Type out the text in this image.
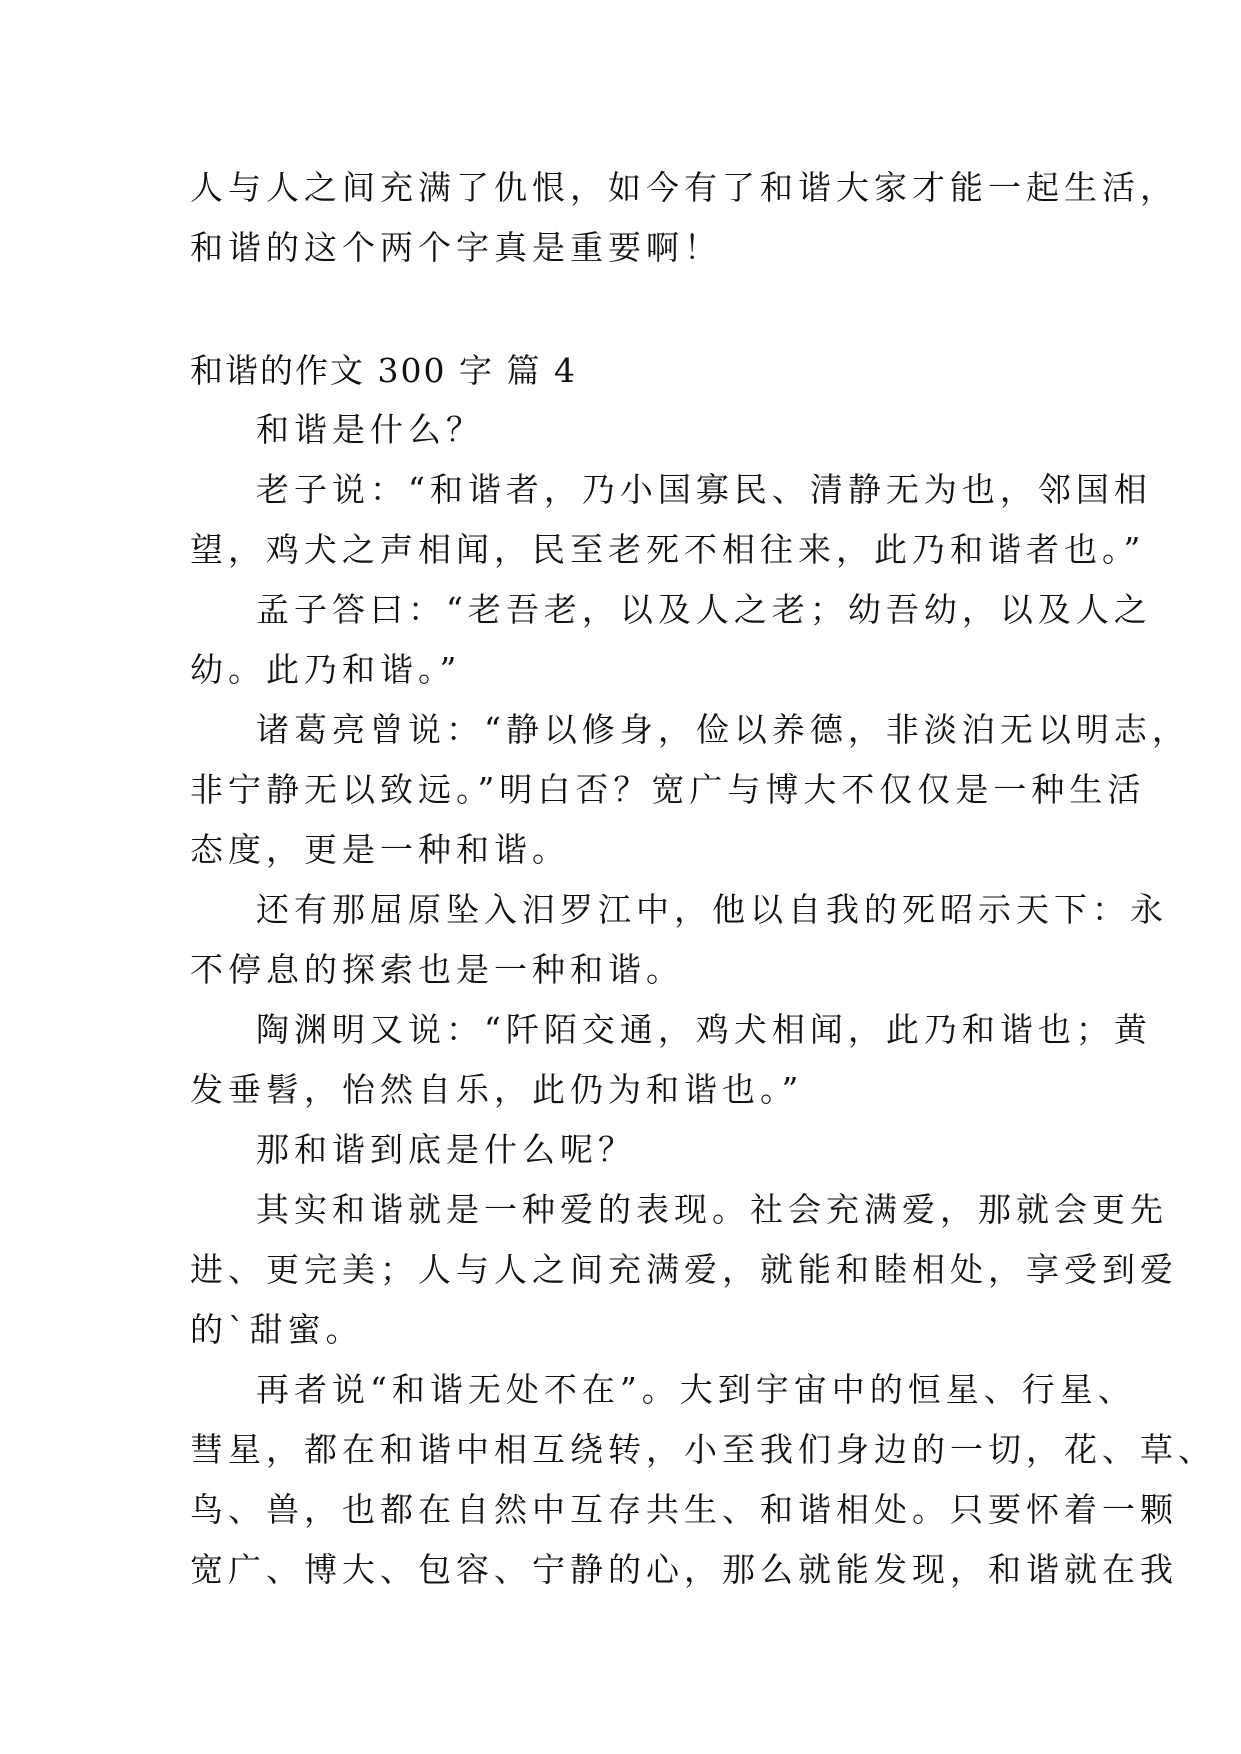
人与人之间充满了仇恨，如今有了和谐大家才能一起生活，
和谐的这个两个字真是重要啊！
和谐的作文 300 字 篇 4
和谐是什么？
老子说：“和谐者，乃小国寡民、清静无为也，邻国相
望，鸡犬之声相闻，民至老死不相往来，此乃和谐者也。”
孟子答曰：“老吾老，以及人之老；幼吾幼，以及人之
幼。此乃和谐。”
诸葛亮曾说：“静以修身，俭以养德，非淡泊无以明志，
非宁静无以致远。”明白否？宽广与博大不仅仅是一种生活
态度，更是一种和谐。
还有那屈原坠入汨罗江中，他以自我的死昭示天下：永
不停息的探索也是一种和谐。
陶渊明又说：“阡陌交通，鸡犬相闻，此乃和谐也；黄
发垂髫，怡然自乐，此仍为和谐也。”
那和谐到底是什么呢？
其实和谐就是一种爱的表现。社会充满爱，那就会更先
进、更完美；人与人之间充满爱，就能和睦相处，享受到爱
的`甜蜜。
再者说“和谐无处不在”。大到宇宙中的恒星、行星、
彗星，都在和谐中相互绕转，小至我们身边的一切，花、草、
鸟、兽，也都在自然中互存共生、和谐相处。只要怀着一颗
宽广、博大、包容、宁静的心，那么就能发现，和谐就在我
